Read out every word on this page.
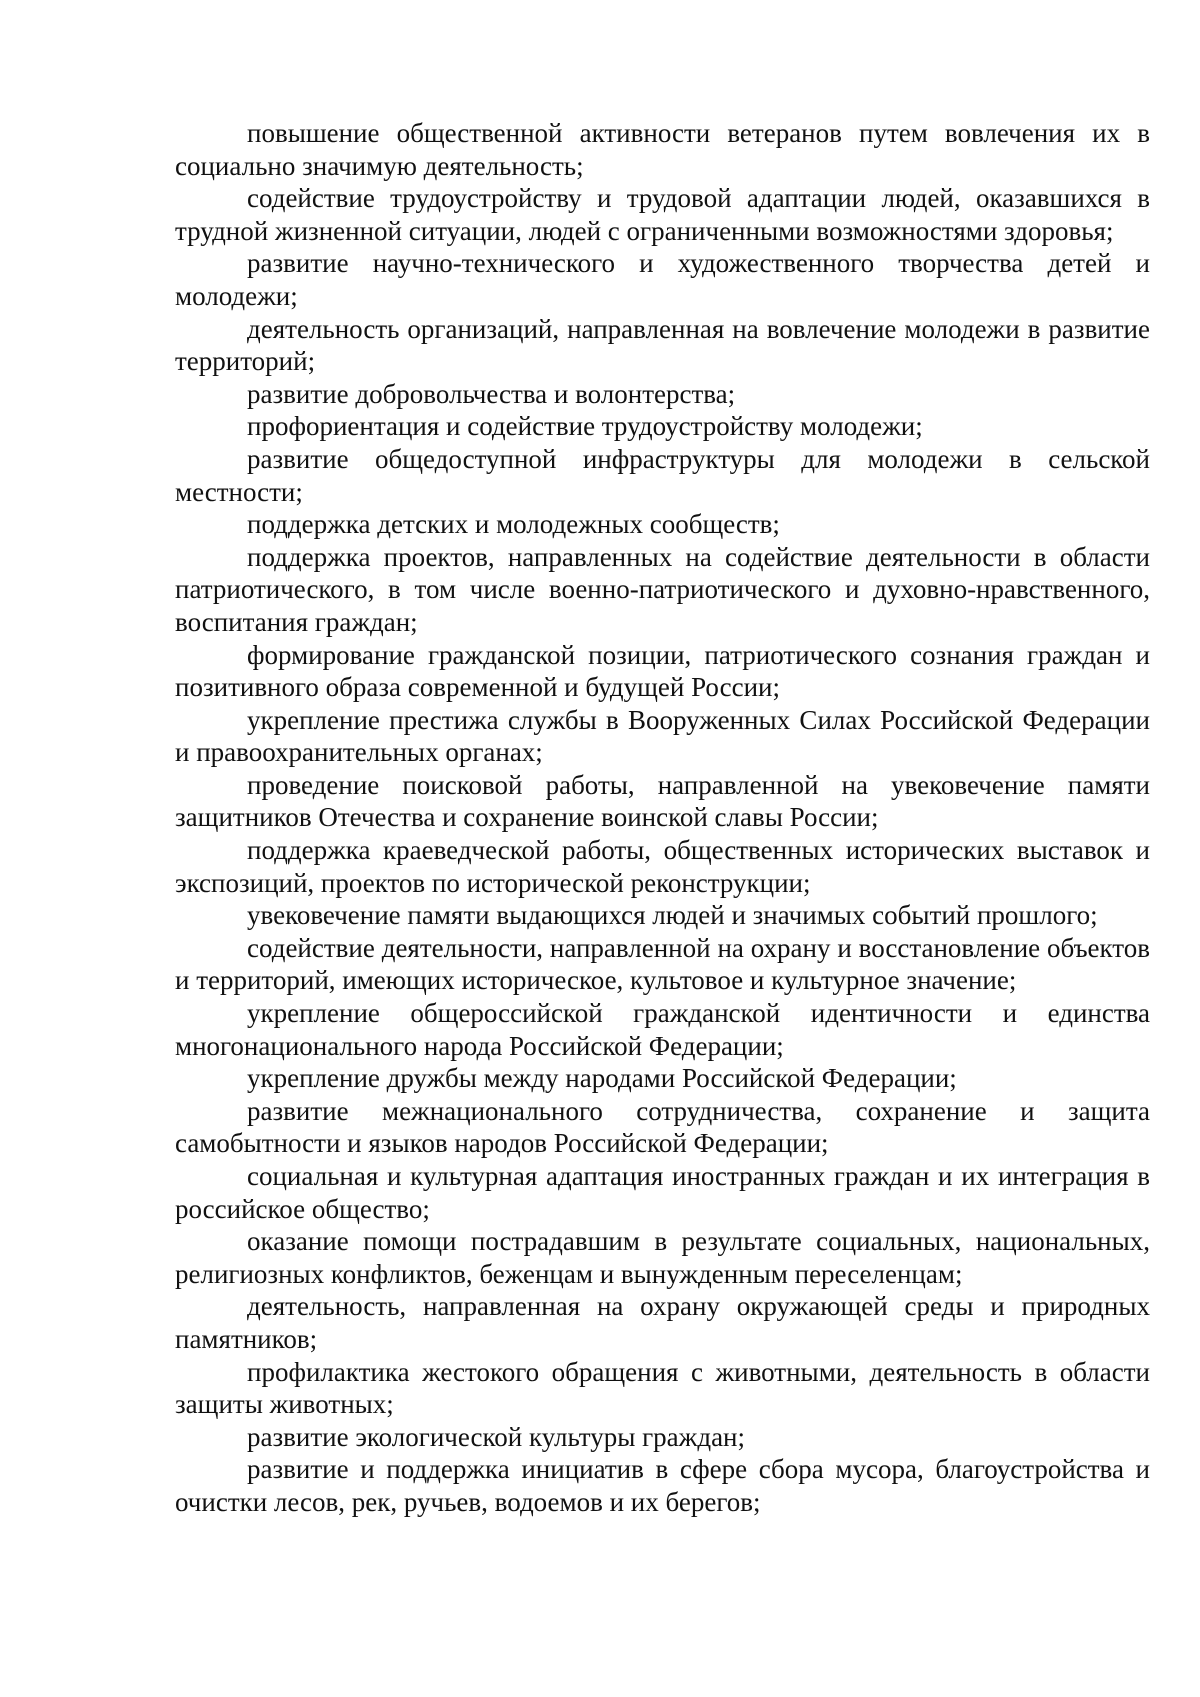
повышение общественной активности ветеранов путем вовлечения их в социально значимую деятельность;

содействие трудоустройству и трудовой адаптации людей, оказавшихся в трудной жизненной ситуации, людей с ограниченными возможностями здоровья;

развитие научно-технического и художественного творчества детей и молодежи;

деятельность организаций, направленная на вовлечение молодежи в развитие территорий;

развитие добровольчества и волонтерства;

профориентация и содействие трудоустройству молодежи;

развитие общедоступной инфраструктуры для молодежи в сельской местности;

поддержка детских и молодежных сообществ;

поддержка проектов, направленных на содействие деятельности в области патриотического, в том числе военно-патриотического и духовно-нравственного, воспитания граждан;

формирование гражданской позиции, патриотического сознания граждан и позитивного образа современной и будущей России;

укрепление престижа службы в Вооруженных Силах Российской Федерации и правоохранительных органах;

проведение поисковой работы, направленной на увековечение памяти защитников Отечества и сохранение воинской славы России;

поддержка краеведческой работы, общественных исторических выставок и экспозиций, проектов по исторической реконструкции;

увековечение памяти выдающихся людей и значимых событий прошлого;

содействие деятельности, направленной на охрану и восстановление объектов и территорий, имеющих историческое, культовое и культурное значение;

укрепление общероссийской гражданской идентичности и единства многонационального народа Российской Федерации;

укрепление дружбы между народами Российской Федерации;

развитие межнационального сотрудничества, сохранение и защита самобытности и языков народов Российской Федерации;

социальная и культурная адаптация иностранных граждан и их интеграция в российское общество;

оказание помощи пострадавшим в результате социальных, национальных, религиозных конфликтов, беженцам и вынужденным переселенцам;

деятельность, направленная на охрану окружающей среды и природных памятников;

профилактика жестокого обращения с животными, деятельность в области защиты животных;

развитие экологической культуры граждан;

развитие и поддержка инициатив в сфере сбора мусора, благоустройства и очистки лесов, рек, ручьев, водоемов и их берегов;
